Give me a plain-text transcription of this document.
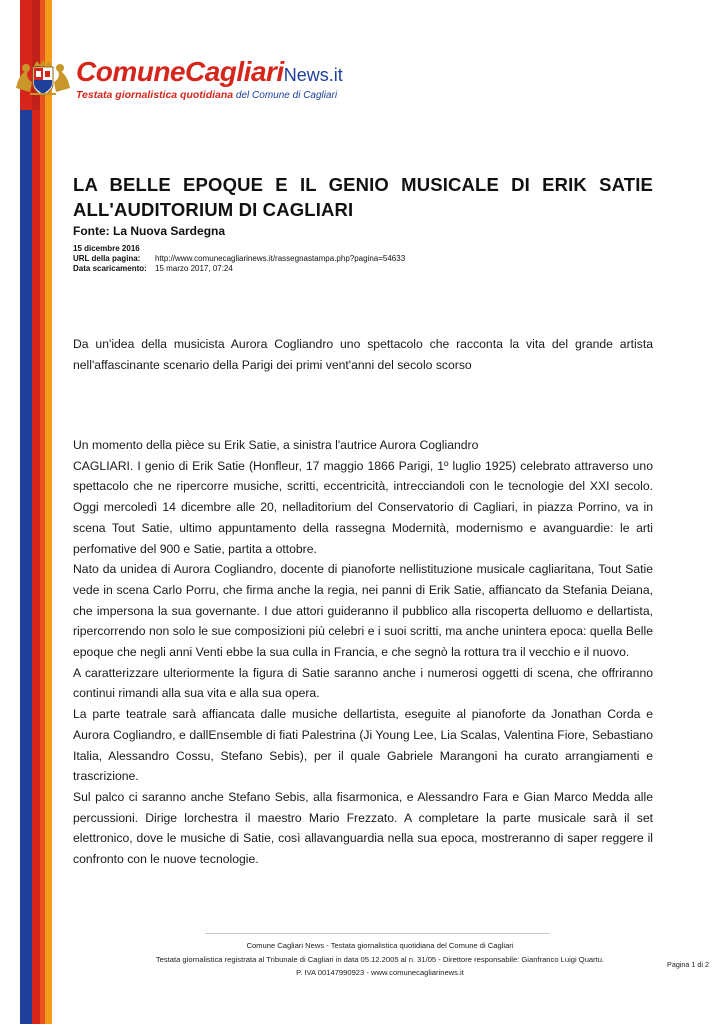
ComuneCagliariNews.it
Testata giornalistica quotidiana del Comune di Cagliari
LA BELLE EPOQUE E IL GENIO MUSICALE DI ERIK SATIE ALL'AUDITORIUM DI CAGLIARI
Fonte: La Nuova Sardegna
15 dicembre 2016
URL della pagina: http://www.comunecagliarinews.it/rassegnastampa.php?pagina=54633
Data scaricamento: 15 marzo 2017, 07:24

Da un'idea della musicista Aurora Cogliandro uno spettacolo che racconta la vita del grande artista nell'affascinante scenario della Parigi dei primi vent'anni del secolo scorso

Un momento della pièce su Erik Satie, a sinistra l'autrice Aurora Cogliandro

CAGLIARI. I genio di Erik Satie (Honfleur, 17 maggio 1866 Parigi, 1º luglio 1925) celebrato attraverso uno spettacolo che ne ripercorre musiche, scritti, eccentricità, intrecciandoli con le tecnologie del XXI secolo. Oggi mercoledì 14 dicembre alle 20, nelladitorium del Conservatorio di Cagliari, in piazza Porrino, va in scena Tout Satie, ultimo appuntamento della rassegna Modernità, modernismo e avanguardie: le arti perfomative del 900 e Satie, partita a ottobre.

Nato da unidea di Aurora Cogliandro, docente di pianoforte nellistituzione musicale cagliaritana, Tout Satie vede in scena Carlo Porru, che firma anche la regia, nei panni di Erik Satie, affiancato da Stefania Deiana, che impersona la sua governante. I due attori guideranno il pubblico alla riscoperta delluomo e dellartista, ripercorrendo non solo le sue composizioni più celebri e i suoi scritti, ma anche unintera epoca: quella Belle epoque che negli anni Venti ebbe la sua culla in Francia, e che segnò la rottura tra il vecchio e il nuovo.

A caratterizzare ulteriormente la figura di Satie saranno anche i numerosi oggetti di scena, che offriranno continui rimandi alla sua vita e alla sua opera.

La parte teatrale sarà affiancata dalle musiche dellartista, eseguite al pianoforte da Jonathan Corda e Aurora Cogliandro, e dallEnsemble di fiati Palestrina (Ji Young Lee, Lia Scalas, Valentina Fiore, Sebastiano Italia, Alessandro Cossu, Stefano Sebis), per il quale Gabriele Marangoni ha curato arrangiamenti e trascrizione.

Sul palco ci saranno anche Stefano Sebis, alla fisarmonica, e Alessandro Fara e Gian Marco Medda alle percussioni. Dirige lorchestra il maestro Mario Frezzato. A completare la parte musicale sarà il set elettronico, dove le musiche di Satie, così allavanguardia nella sua epoca, mostreranno di saper reggere il confronto con le nuove tecnologie.

Comune Cagliari News - Testata giornalistica quotidiana del Comune di Cagliari
Testata giornalistica registrata al Tribunale di Cagliari in data 05.12.2005 al n. 31/05 - Direttore responsabile: Gianfranco Luigi Quartu.
P. IVA 00147990923 - www.comunecagliarinews.it
Pagina 1 di 2
